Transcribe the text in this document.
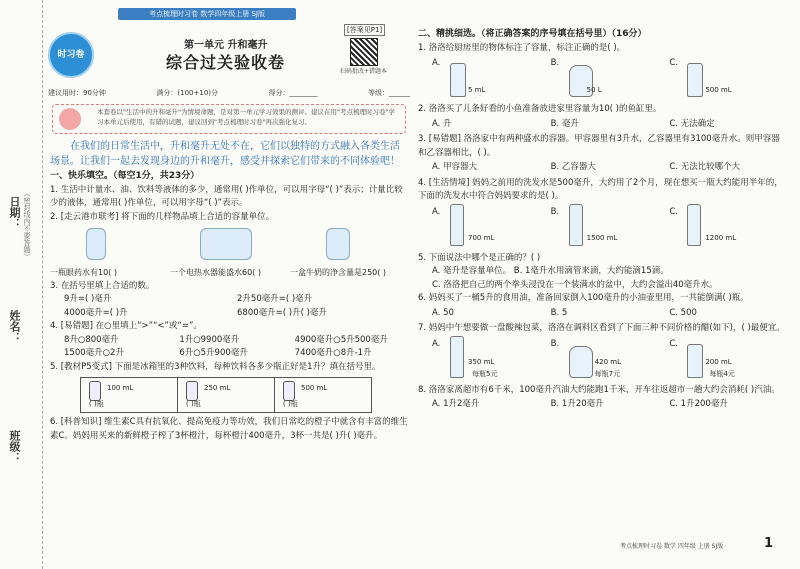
日期：
姓名：
班级：
（密封线内不要答题）
考点梳理时习卷 数学四年级上册 SJ版
时习卷
第一单元 升和毫升
综合过关验收卷
[答案见P1]
扫码批改+错题本
建议用时：90分钟	满分：(100+10)分	得分：________	等级：______
本套卷以"生活中的升和毫升"为情境命题，是对第一单元学习效果的测评。建议在用"考点梳理时习卷"学习本单元后使用，有错的试题，建议回到"考点梳理时习卷"再次强化复习。
在我们的日常生活中，升和毫升无处不在，它们以独特的方式融入各类生活场景。让我们一起去发现身边的升和毫升，感受并探索它们带来的不同体验吧！
一、快乐填空。（每空1分，共23分）

1. 生活中计量水、油、饮料等液体的多少，通常用( )作单位，可以用字母“( )”表示；计量比较少的液体，通常用( )作单位，可以用字母“( )”表示。

2. [走云港市联考] 将下面的几样物品填上合适的容量单位。

一瓶眼药水有10( )	一个电热水器能盛水60( )	一盒牛奶的净含量是250( )

3. 在括号里填上合适的数。

9升=( )毫升	2升50毫升=( )毫升
4000毫升=( )升	6800毫升=( )升( )毫升

4. [易错题] 在○里填上“>”“<”或“=”。

8升○800毫升	1升○9900毫升	4900毫升○5升500毫升
1500毫升○2升	6升○5升900毫升	7400毫升○8升-1升

5. [教材P5变式] 下面是冰箱里的3种饮料，每种饮料各多少瓶正好是1升？填在括号里。

100 mL
( )瓶
250 mL
( )瓶
500 mL
( )瓶

6. [科普知识] 维生素C具有抗氧化、提高免疫力等功效，我们日常吃的橙子中就含有丰富的维生素C。妈妈用买来的新鲜橙子榨了3杯橙汁，每杯橙汁400毫升，3杯一共是( )升( )毫升。

二、精挑细选。（将正确答案的序号填在括号里）（16分）

1. 洛洛给厨房里的物体标注了容量，标注正确的是( )。

A.
5 mL
B.
50 L
C.
500 mL

2. 洛洛买了儿条好看的小鱼准备放进家里容量为10( )的鱼缸里。

A. 升	B. 毫升	C. 无法确定

3. [易错题] 洛洛家中有两种盛水的容器。甲容器里有3升水，乙容器里有3100毫升水。则甲容器和乙容器相比，( )。

A. 甲容器大	B. 乙容器大	C. 无法比较哪个大

4. [生活情境] 妈妈之前用的洗发水是500毫升，大约用了2个月，现在想买一瓶大约能用半年的，下面的洗发水中符合妈妈要求的是( )。

A.
700 mL
B.
1500 mL
C.
1200 mL

5. 下面说法中哪个是正确的？( )

A. 毫升是容量单位。 B. 1毫升水用滴管来滴，大约能滴15滴。
C. 洛洛把自己的两个拳头浸没在一个装满水的盆中，大约会溢出40毫升水。

6. 妈妈买了一桶5升的食用油，准备回家倒入100毫升的小油壶里用，一共能倒满( )瓶。

A. 50	B. 5	C. 500

7. 妈妈中午想要做一盘酸辣包菜，洛洛在调料区看到了下面三种不同价格的醋(如下)，( )最便宜。

A.
350 mL
每瓶5元
B.
420 mL
每瓶7元
C.
200 mL
每瓶4元

8. 洛洛家离超市有6千米，100毫升汽油大约能跑1千米，开车往返超市一趟大约会消耗( )汽油。

A. 1升2毫升	B. 1升20毫升	C. 1升200毫升
考点梳理时习卷 数学 四年级 上册 SJ版	1
